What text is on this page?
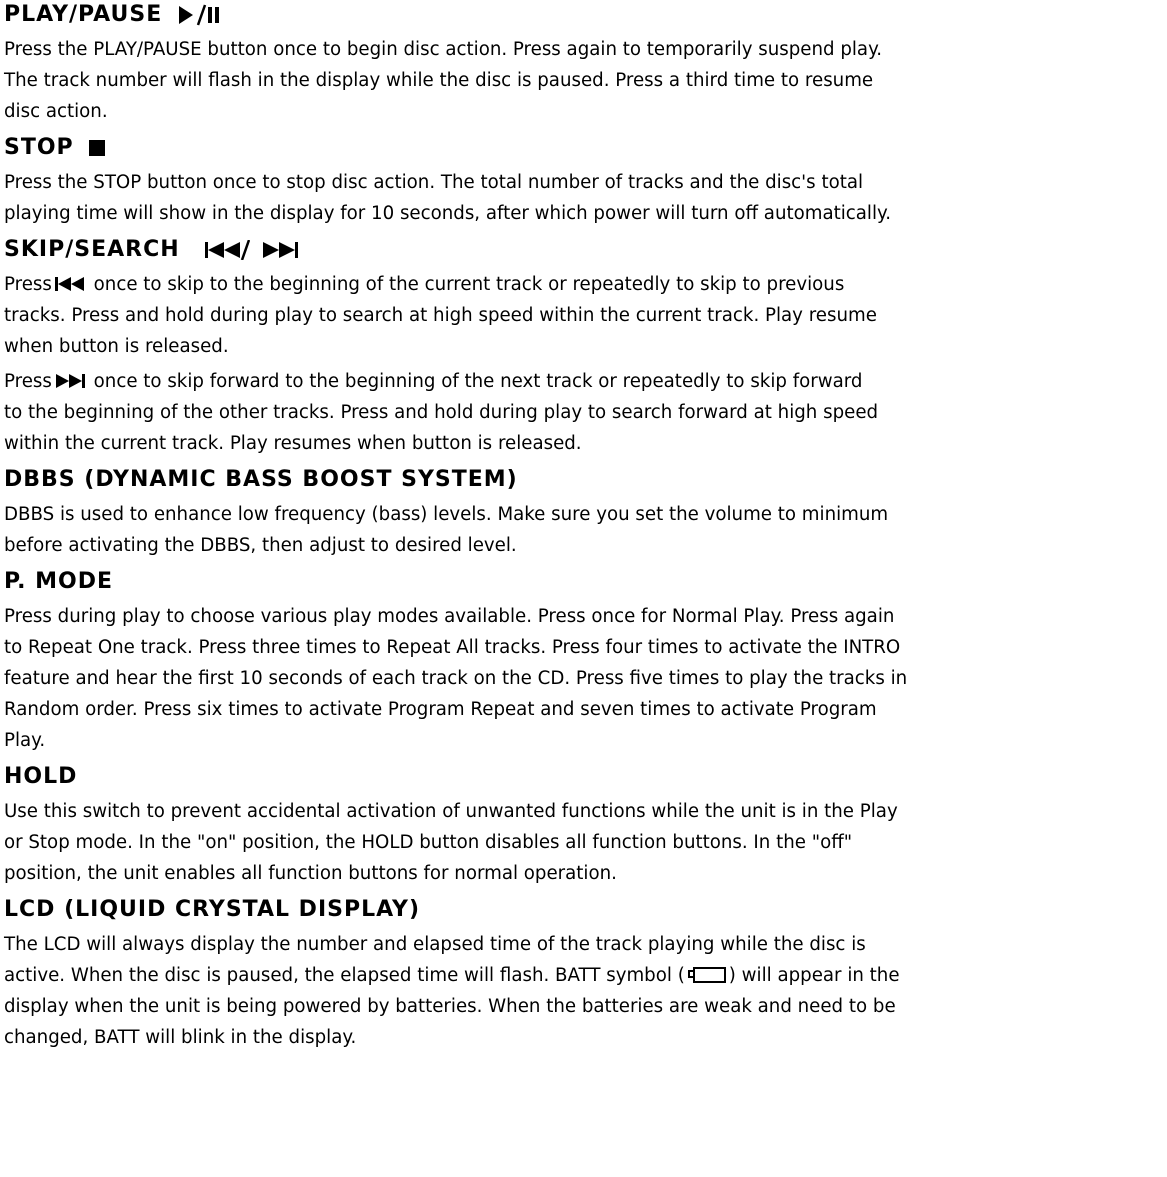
PLAY/PAUSE
Press the PLAY/PAUSE button once to begin disc action. Press again to temporarily suspend play.
The track number will flash in the display while the disc is paused. Press a third time to resume
disc action.
STOP
Press the STOP button once to stop disc action. The total number of tracks and the disc's total
playing time will show in the display for 10 seconds, after which power will turn off automatically.
SKIP/SEARCH
Press once to skip to the beginning of the current track or repeatedly to skip to previous
tracks. Press and hold during play to search at high speed within the current track. Play resume
when button is released.
Press once to skip forward to the beginning of the next track or repeatedly to skip forward
to the beginning of the other tracks. Press and hold during play to search forward at high speed
within the current track. Play resumes when button is released.
DBBS (DYNAMIC BASS BOOST SYSTEM)
DBBS is used to enhance low frequency (bass) levels. Make sure you set the volume to minimum
before activating the DBBS, then adjust to desired level.
P. MODE
Press during play to choose various play modes available. Press once for Normal Play. Press again
to Repeat One track. Press three times to Repeat All tracks. Press four times to activate the INTRO
feature and hear the first 10 seconds of each track on the CD. Press five times to play the tracks in
Random order. Press six times to activate Program Repeat and seven times to activate Program
Play.
HOLD
Use this switch to prevent accidental activation of unwanted functions while the unit is in the Play
or Stop mode. In the "on" position, the HOLD button disables all function buttons. In the "off"
position, the unit enables all function buttons for normal operation.
LCD (LIQUID CRYSTAL DISPLAY)
The LCD will always display the number and elapsed time of the track playing while the disc is
active. When the disc is paused, the elapsed time will flash. BATT symbol ( ) will appear in the
display when the unit is being powered by batteries. When the batteries are weak and need to be
changed, BATT will blink in the display.
